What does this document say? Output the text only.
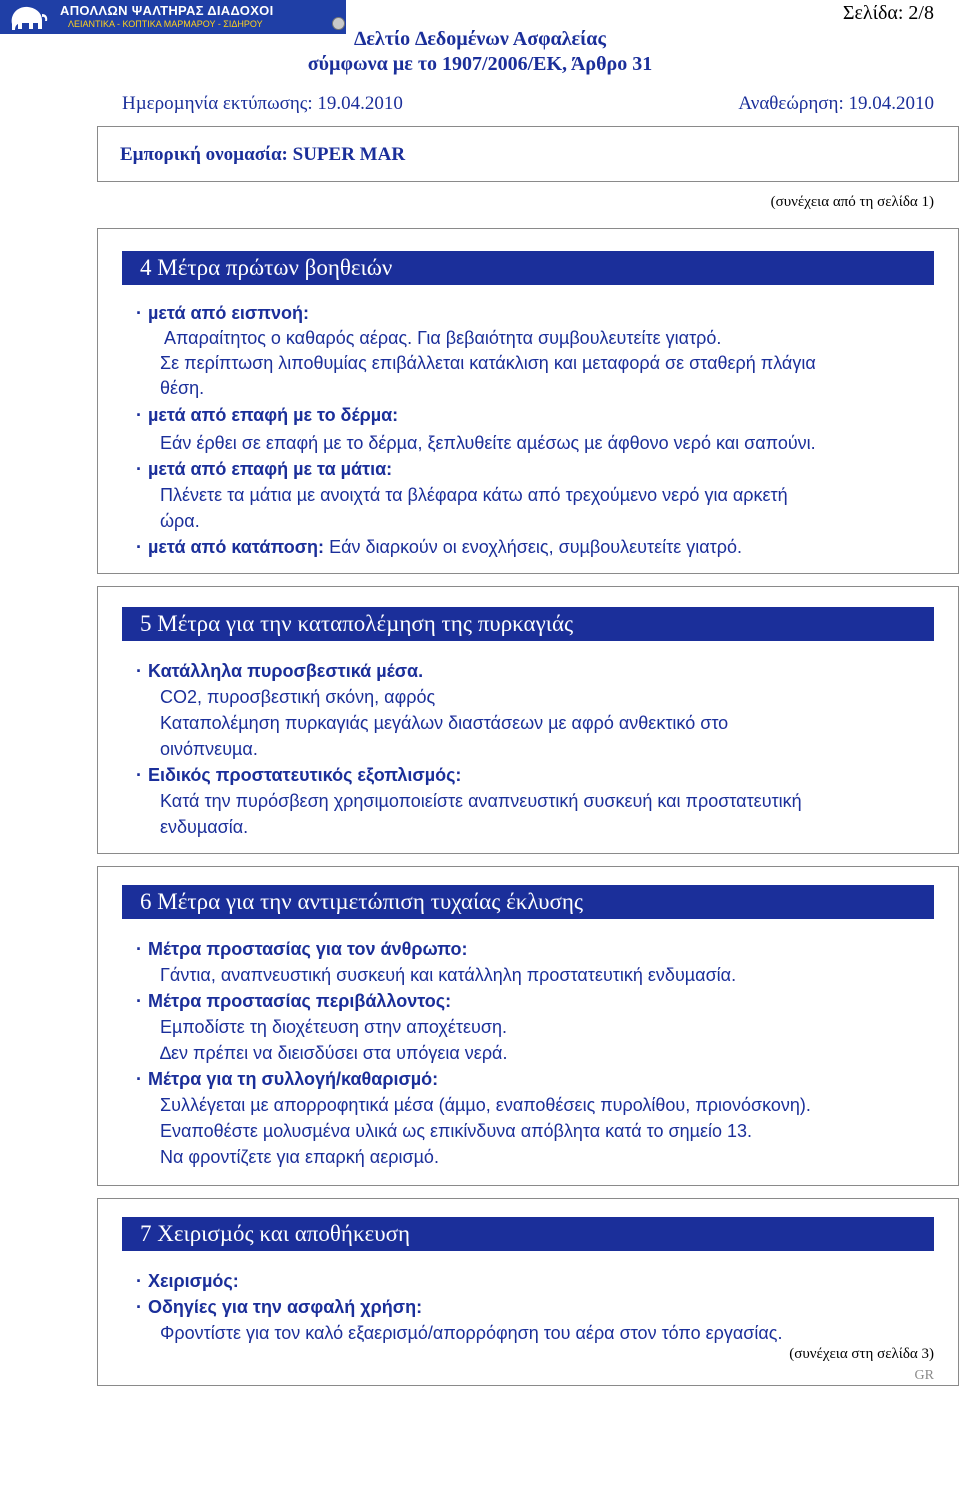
ΑΠΟΛΛΩΝ ΨΑΛΤΗΡΑΣ ΔΙΑΔΟΧΟΙ
ΛΕΙΑΝΤΙΚΑ - ΚΟΠΤΙΚΑ ΜΑΡΜΑΡΟΥ - ΣΙΔΗΡΟΥ	Σελίδα: 2/8
∆ελτίο ∆εδοµένων Ασφαλείας
σύµφωνα µε το 1907/2006/ΕΚ, Άρθρο 31
Ηµεροµηνία εκτύπωσης: 19.04.2010	Αναθεώρηση: 19.04.2010
Εµπορική ονοµασία: SUPER MAR
(συνέχεια από τη σελίδα 1)
4 Μέτρα πρώτων βοηθειών
· µετά από εισπνοή:
Απαραίτητος ο καθαρός αέρας. Για βεβαιότητα συµβουλευτείτε γιατρό.
Σε περίπτωση λιποθυµίας επιβάλλεται κατάκλιση και µεταφορά σε σταθερή πλάγια
θέση.
· µετά από επαφή µε το δέρµα:
Εάν έρθει σε επαφή µε το δέρµα, ξεπλυθείτε αµέσως µε άφθονο νερό και σαπούνι.
· µετά από επαφή µε τα µάτια:
Πλένετε τα µάτια µε ανοιχτά τα βλέφαρα κάτω από τρεχούµενο νερό για αρκετή
ώρα.
· µετά από κατάποση: Εάν διαρκούν οι ενοχλήσεις, συµβουλευτείτε γιατρό.
5 Μέτρα για την καταπολέµηση της πυρκαγιάς
· Κατάλληλα πυροσβεστικά µέσα.
CO2, πυροσβεστική σκόνη, αφρός
Καταπολέµηση πυρκαγιάς µεγάλων διαστάσεων µε αφρό ανθεκτικό στο
οινόπνευµα.
· Ειδικός προστατευτικός εξοπλισµός:
Κατά την πυρόσβεση χρησιµοποιείστε αναπνευστική συσκευή και προστατευτική
ενδυµασία.
6 Μέτρα για την αντιµετώπιση τυχαίας έκλυσης
· Μέτρα προστασίας για τον άνθρωπο:
Γάντια, αναπνευστική συσκευή και κατάλληλη προστατευτική ενδυµασία.
· Μέτρα προστασίας περιβάλλοντος:
Εµποδίστε τη διοχέτευση στην αποχέτευση.
∆εν πρέπει να διεισδύσει στα υπόγεια νερά.
· Μέτρα για τη συλλογή/καθαρισµό:
Συλλέγεται µε απορροφητικά µέσα (άµµο, εναποθέσεις πυρολίθου, πριονόσκονη).
Εναποθέστε µολυσµένα υλικά ως επικίνδυνα απόβλητα κατά το σηµείο 13.
Να φροντίζετε για επαρκή αερισµό.
7 Χειρισµός και αποθήκευση
· Χειρισµός:
· Οδηγίες για την ασφαλή χρήση:
Φροντίστε για τον καλό εξαερισµό/απορρόφηση του αέρα στον τόπο εργασίας.
(συνέχεια στη σελίδα 3)
GR
